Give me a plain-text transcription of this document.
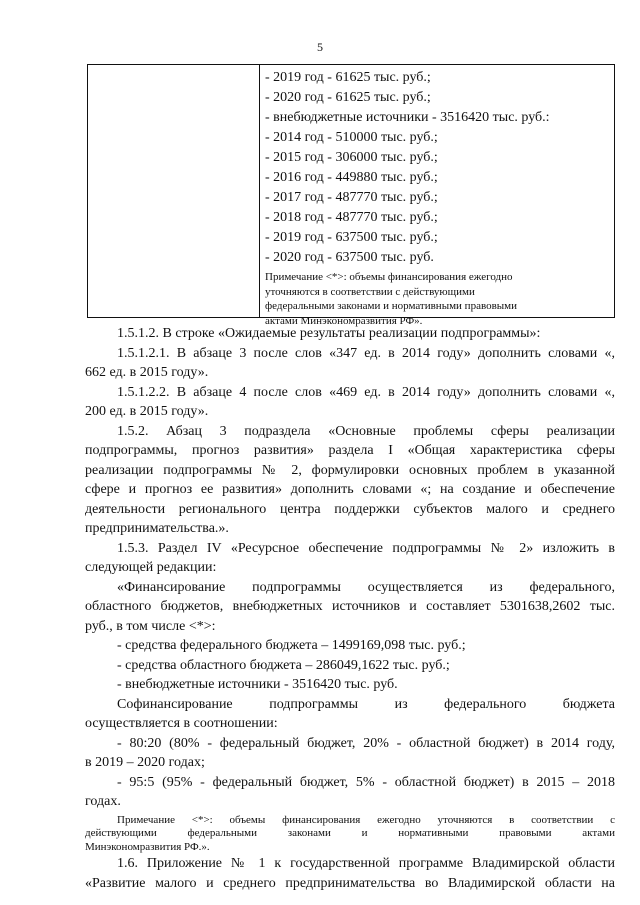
5
- 2019 год - 61625 тыс. руб.;
- 2020 год - 61625 тыс. руб.;
- внебюджетные источники - 3516420 тыс. руб.:
- 2014 год - 510000 тыс. руб.;
- 2015 год - 306000 тыс. руб.;
- 2016 год - 449880 тыс. руб.;
- 2017 год - 487770 тыс. руб.;
- 2018 год - 487770 тыс. руб.;
- 2019 год - 637500 тыс. руб.;
- 2020 год - 637500 тыс. руб.
Примечание <*>: объемы финансирования ежегодно
уточняются в соответствии с действующими
федеральными законами и нормативными правовыми
актами Минэкономразвития РФ».

1.5.1.2. В строке «Ожидаемые результаты реализации подпрограммы»:

1.5.1.2.1. В абзаце 3 после слов «347 ед. в 2014 году» дополнить словами «,

662 ед. в 2015 году».

1.5.1.2.2. В абзаце 4 после слов «469 ед. в 2014 году» дополнить словами «,

200 ед. в 2015 году».

1.5.2. Абзац 3 подраздела «Основные проблемы сферы реализации

подпрограммы, прогноз развития» раздела I «Общая характеристика сферы

реализации подпрограммы № 2, формулировки основных проблем в указанной

сфере и прогноз ее развития» дополнить словами «; на создание и обеспечение

деятельности регионального центра поддержки субъектов малого и среднего

предпринимательства.».

1.5.3. Раздел IV «Ресурсное обеспечение подпрограммы № 2» изложить в

следующей редакции:

«Финансирование подпрограммы осуществляется из федерального,

областного бюджетов, внебюджетных источников и составляет 5301638,2602 тыс.

руб., в том числе <*>:

- средства федерального бюджета – 1499169,098 тыс. руб.;

- средства областного бюджета – 286049,1622 тыс. руб.;

- внебюджетные источники - 3516420 тыс. руб.

Софинансирование подпрограммы из федерального бюджета

осуществляется в соотношении:

- 80:20 (80% - федеральный бюджет, 20% - областной бюджет) в 2014 году,

в 2019 – 2020 годах;

- 95:5 (95% - федеральный бюджет, 5% - областной бюджет) в 2015 – 2018

годах.

Примечание <*>: объемы финансирования ежегодно уточняются в соответствии с

действующими федеральными законами и нормативными правовыми актами

Минэкономразвития РФ.».

1.6. Приложение № 1 к государственной программе Владимирской области

«Развитие малого и среднего предпринимательства во Владимирской области на
